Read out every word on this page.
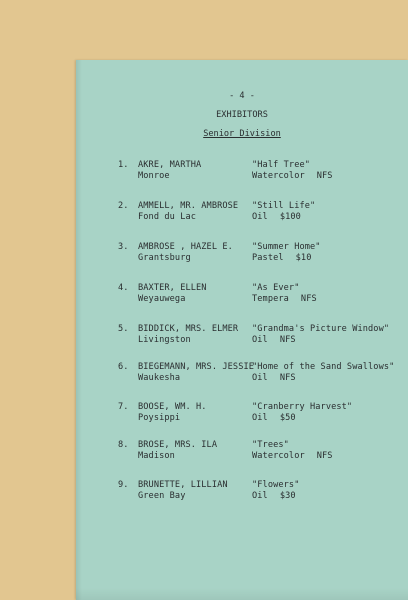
- 4 -
EXHIBITORS
Senior Division
1. AKRE, MARTHA
Monroe
"Half Tree"
Watercolor NFS
2. AMMELL, MR. AMBROSE
Fond du Lac
"Still Life"
Oil $100
3. AMBROSE , HAZEL E.
Grantsburg
"Summer Home"
Pastel $10
4. BAXTER, ELLEN
Weyauwega
"As Ever"
Tempera NFS
5. BIDDICK, MRS. ELMER
Livingston
"Grandma's Picture Window"
Oil NFS
6. BIEGEMANN, MRS. JESSIE
Waukesha
"Home of the Sand Swallows"
Oil NFS
7. BOOSE, WM. H.
Poysippi
"Cranberry Harvest"
Oil $50
8. BROSE, MRS. ILA
Madison
"Trees"
Watercolor NFS
9. BRUNETTE, LILLIAN
Green Bay
"Flowers"
Oil $30
